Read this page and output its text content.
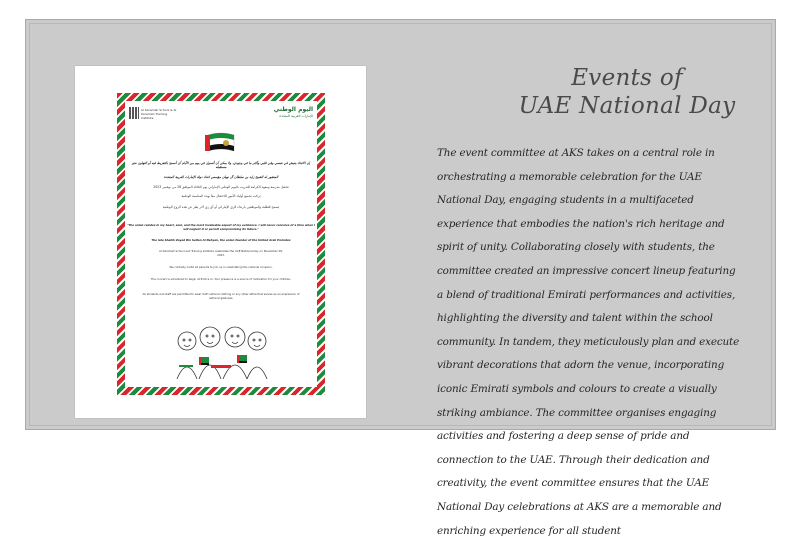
Al Karamah School & Al Karamah Training Institute
اليوم الوطني
الإمارات العربية المتحدة
إن الاتحاد يعيش في نفسي وفي قلبي وأكثر ما في وجودي، ولا يمكن أن أتسول في يوم من الأيام أن أسمح بالتفريط فيه أو التهاون نحو مستقبله
المغفور له الشيخ زايد بن سلطان آل نهيان مؤسس اتحاد دولة الإمارات العربية المتحدة
تحتفل مدرسة ومعهد الكرامة للتدريب باليوم الوطني الإماراتي يوم الثلاثاء الموافق 28 من نوفمبر 2023
يُرحّب بجميع أولياء الأمور للاحتفال معاً بهذه المناسبة الوطنية
يُسمح للطلبة والموظفين بارتداء الزي الإماراتي أو أي زي آخر يعبّر عن هذه الروح الوطنية
"The union resides in my heart, soul, and the most invaluable aspect of my existence. I will never conceive of a time when I will neglect it or permit compromising its future."
The late Sheikh Zayed Bin Sultan Al Nahyan, the union founder of the United Arab Emirates
Al Karamah School and Training Institute celebrates the UAE National Day on November 28, 2023.
We cordially invite all parents to join us in celebrating this national occasion.
The concert is scheduled to begin at 8:00 a.m. Your presence is a source of motivation for your children.
All students and staff are permitted to wear UAE national clothing or any other attire that serves as an expression of national gladness.
Events of
UAE National Day
The event committee at AKS takes on a central role in orchestrating a memorable celebration for the UAE National Day, engaging students in a multifaceted experience that embodies the nation's rich heritage and spirit of unity. Collaborating closely with students, the committee created an impressive concert lineup featuring a blend of traditional Emirati performances and activities, highlighting the diversity and talent within the school community. In tandem, they meticulously plan and execute vibrant decorations that adorn the venue, incorporating iconic Emirati symbols and colours to create a visually striking ambiance. The committee organises engaging activities and fostering a deep sense of pride and connection to the UAE. Through their dedication and creativity, the event committee ensures that the UAE National Day celebrations at AKS are a memorable and enriching experience for all student
